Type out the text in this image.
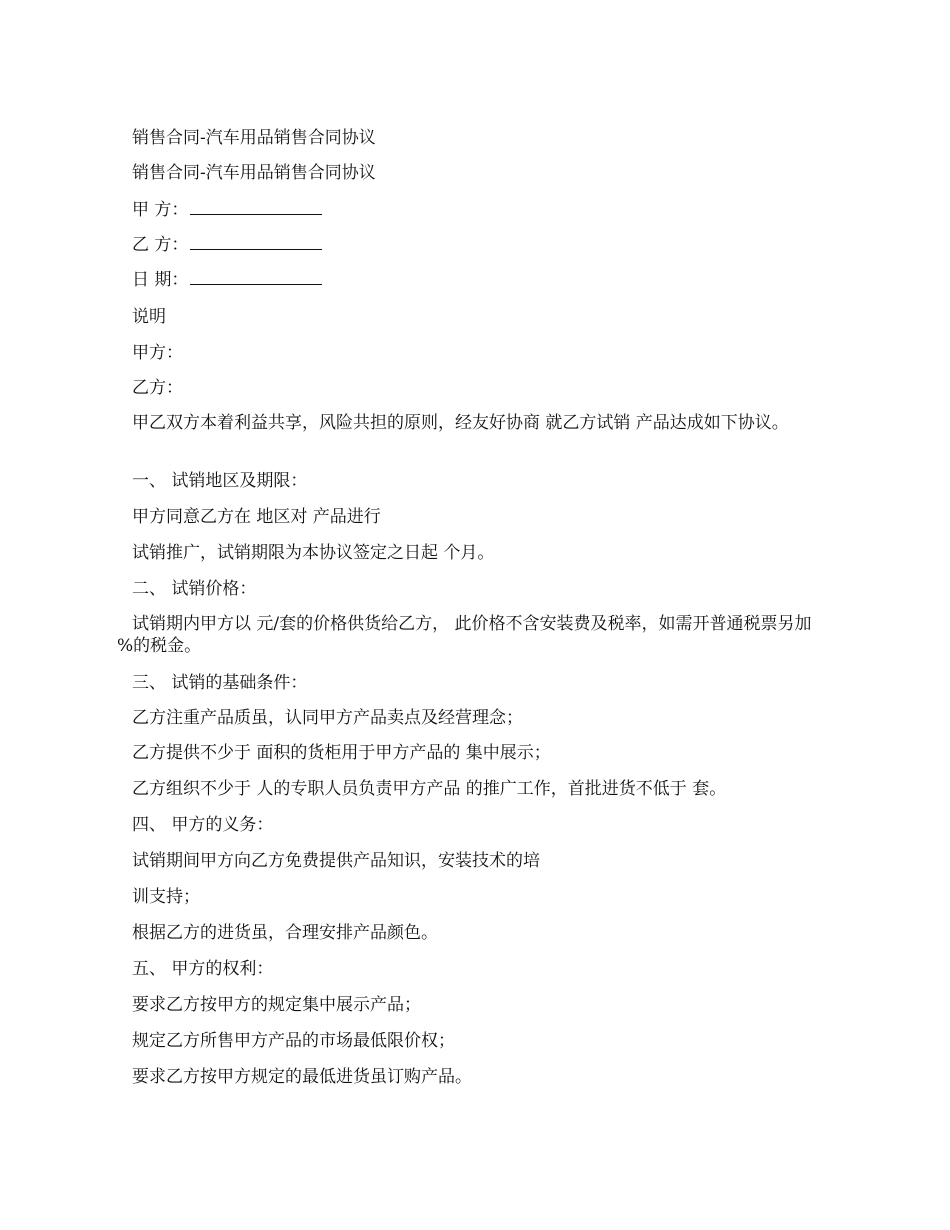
销售合同-汽车用品销售合同协议
销售合同-汽车用品销售合同协议
甲 方：
乙 方：
日 期：
说明
甲方：
乙方：
甲乙双方本着利益共享，风险共担的原则，经友好协商 就乙方试销 产品达成如下协议。
一、 试销地区及期限：
甲方同意乙方在 地区对 产品进行
试销推广，试销期限为本协议签定之日起 个月。
二、 试销价格：
试销期内甲方以 元/套的价格供货给乙方， 此价格不含安装费及税率，如需开普通税票另加 %的税金。
三、 试销的基础条件：
乙方注重产品质虽，认同甲方产品卖点及经营理念；
乙方提供不少于 面积的货柜用于甲方产品的 集中展示；
乙方组织不少于 人的专职人员负责甲方产品 的推广工作，首批进货不低于 套。
四、 甲方的义务：
试销期间甲方向乙方免费提供产品知识，安装技术的培
训支持；
根据乙方的进货虽，合理安排产品颜色。
五、 甲方的权利：
要求乙方按甲方的规定集中展示产品；
规定乙方所售甲方产品的市场最低限价权；
要求乙方按甲方规定的最低进货虽订购产品。
